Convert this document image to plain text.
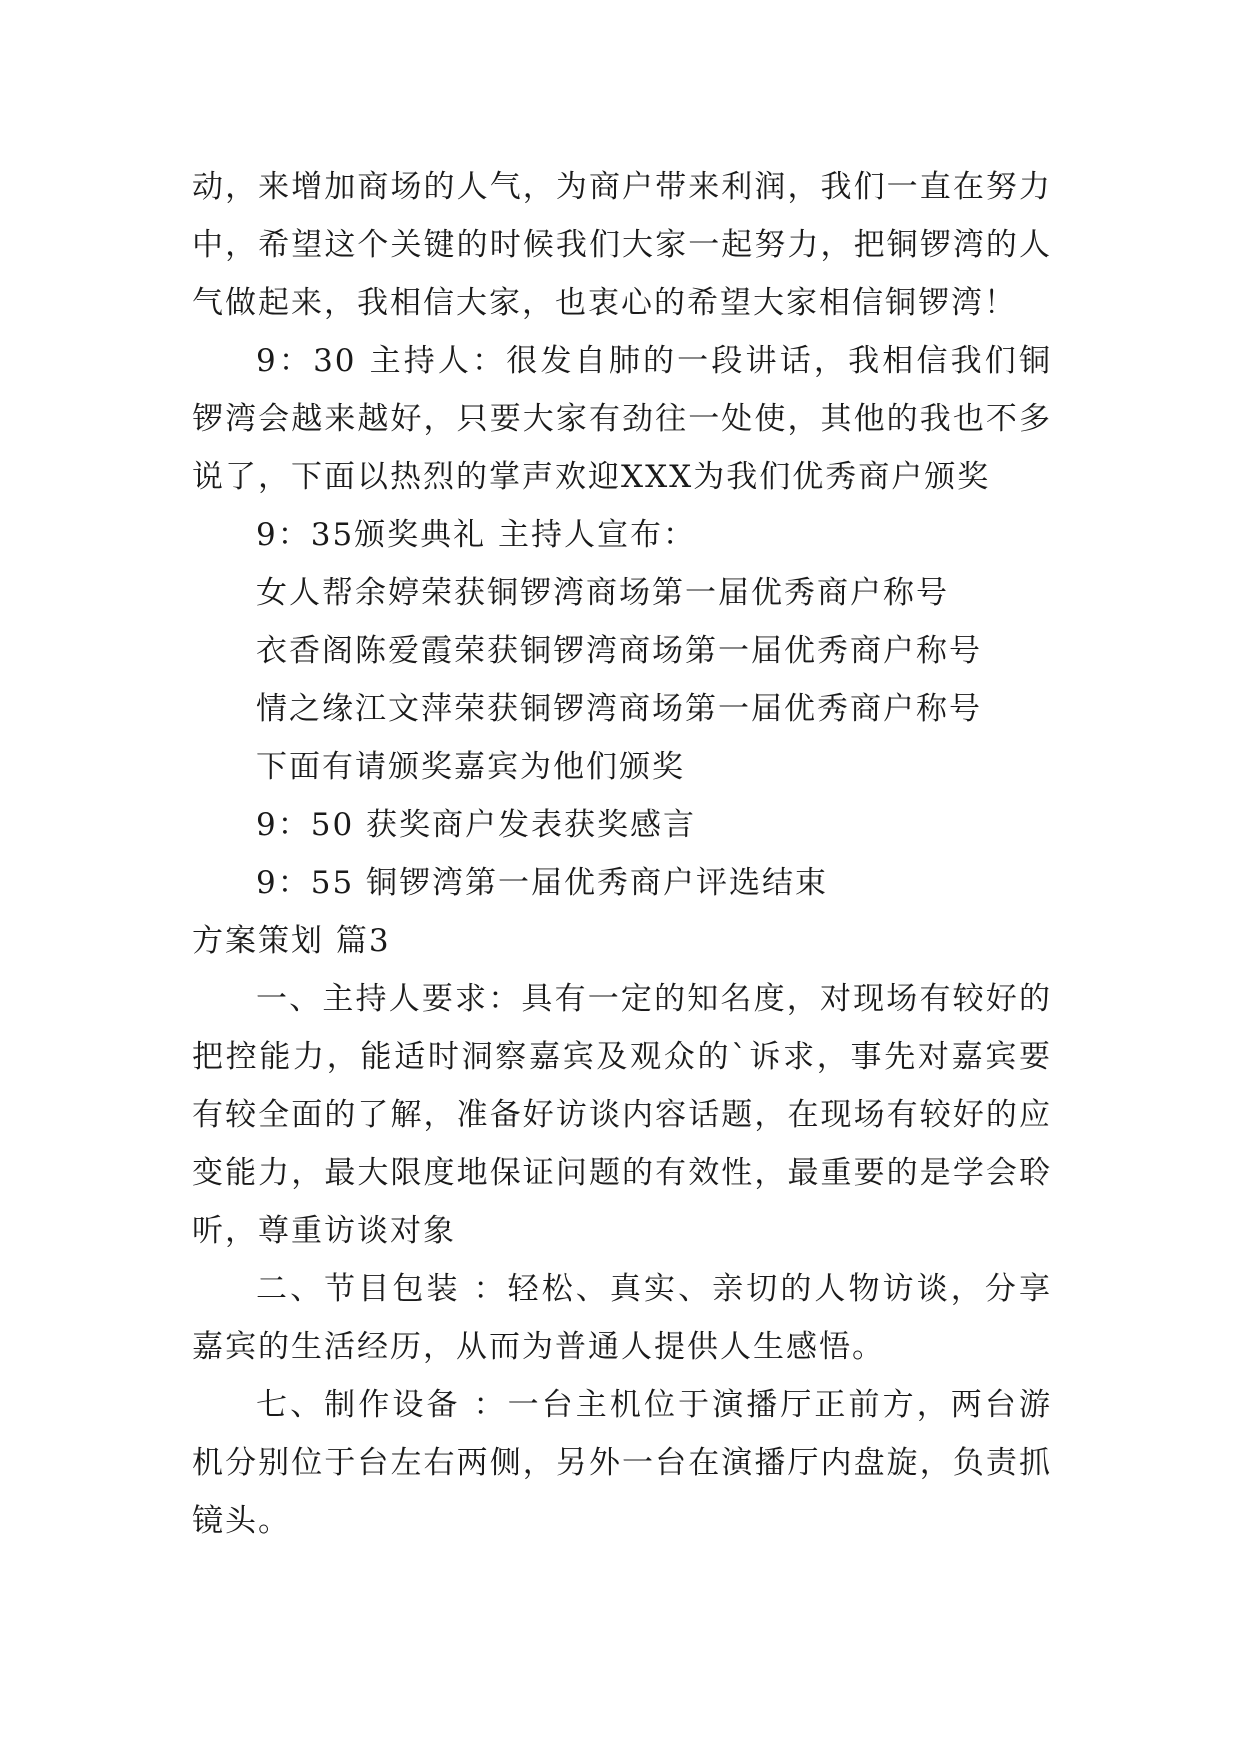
动，来增加商场的人气，为商户带来利润，我们一直在努力中，希望这个关键的时候我们大家一起努力，把铜锣湾的人气做起来，我相信大家，也衷心的希望大家相信铜锣湾！

9：30 主持人：很发自肺的一段讲话，我相信我们铜锣湾会越来越好，只要大家有劲往一处使，其他的我也不多说了，下面以热烈的掌声欢迎XXX为我们优秀商户颁奖

9：35颁奖典礼 主持人宣布：

女人帮余婷荣获铜锣湾商场第一届优秀商户称号

衣香阁陈爱霞荣获铜锣湾商场第一届优秀商户称号

情之缘江文萍荣获铜锣湾商场第一届优秀商户称号

下面有请颁奖嘉宾为他们颁奖

9：50 获奖商户发表获奖感言

9：55 铜锣湾第一届优秀商户评选结束

方案策划 篇3

一、主持人要求：具有一定的知名度，对现场有较好的把控能力，能适时洞察嘉宾及观众的`诉求，事先对嘉宾要有较全面的了解，准备好访谈内容话题，在现场有较好的应变能力，最大限度地保证问题的有效性，最重要的是学会聆听，尊重访谈对象

二、节目包装 ：轻松、真实、亲切的人物访谈，分享嘉宾的生活经历，从而为普通人提供人生感悟。

七、制作设备 ：一台主机位于演播厅正前方，两台游机分别位于台左右两侧，另外一台在演播厅内盘旋，负责抓镜头。
